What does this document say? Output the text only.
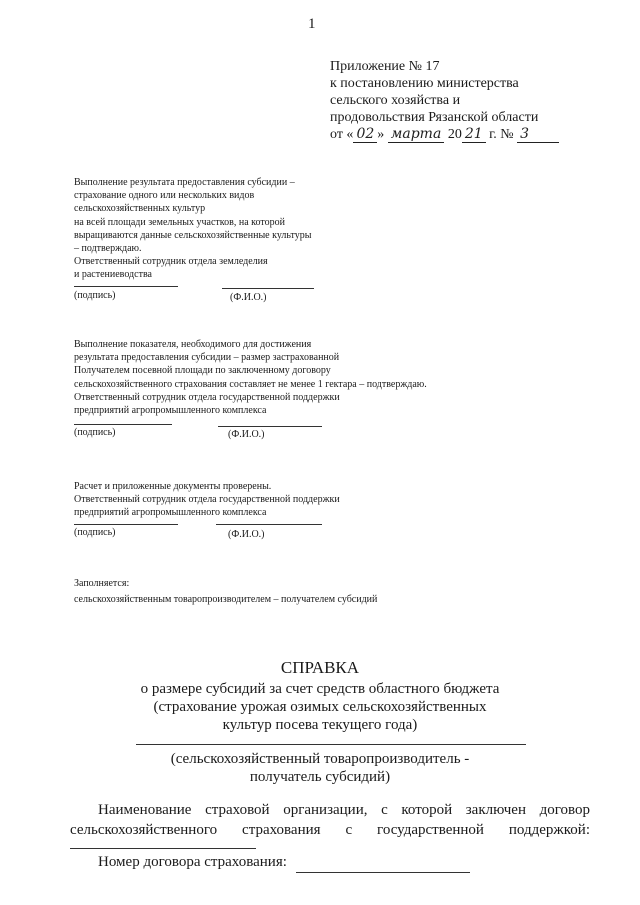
1
Приложение № 17
к постановлению министерства
сельского хозяйства и
продовольствия Рязанской области
от « 02 » марта 20 21 г. № 3   
Выполнение результата предоставления субсидии –
страхование одного или нескольких видов
сельскохозяйственных культур
на всей площади земельных участков, на которой
выращиваются данные сельскохозяйственные культуры
– подтверждаю.
Ответственный сотрудник отдела земледелия
и растениеводства
(подпись)	(Ф.И.О.)
Выполнение показателя, необходимого для достижения
результата предоставления субсидии – размер застрахованной
Получателем посевной площади по заключенному договору
сельскохозяйственного страхования составляет не менее 1 гектара – подтверждаю.
Ответственный сотрудник отдела государственной поддержки
предприятий агропромышленного комплекса
(подпись)	(Ф.И.О.)
Расчет и приложенные документы проверены.
Ответственный сотрудник отдела государственной поддержки
предприятий агропромышленного комплекса
(подпись)	(Ф.И.О.)
Заполняется:
сельскохозяйственным товаропроизводителем – получателем субсидий
СПРАВКА
о размере субсидий за счет средств областного бюджета
(страхование урожая озимых сельскохозяйственных
культур посева текущего года)
(сельскохозяйственный товаропроизводитель -
получатель субсидий)
Наименование страховой организации, с которой заключен договор сельскохозяйственного страхования с государственной поддержкой:
Номер договора страхования:
